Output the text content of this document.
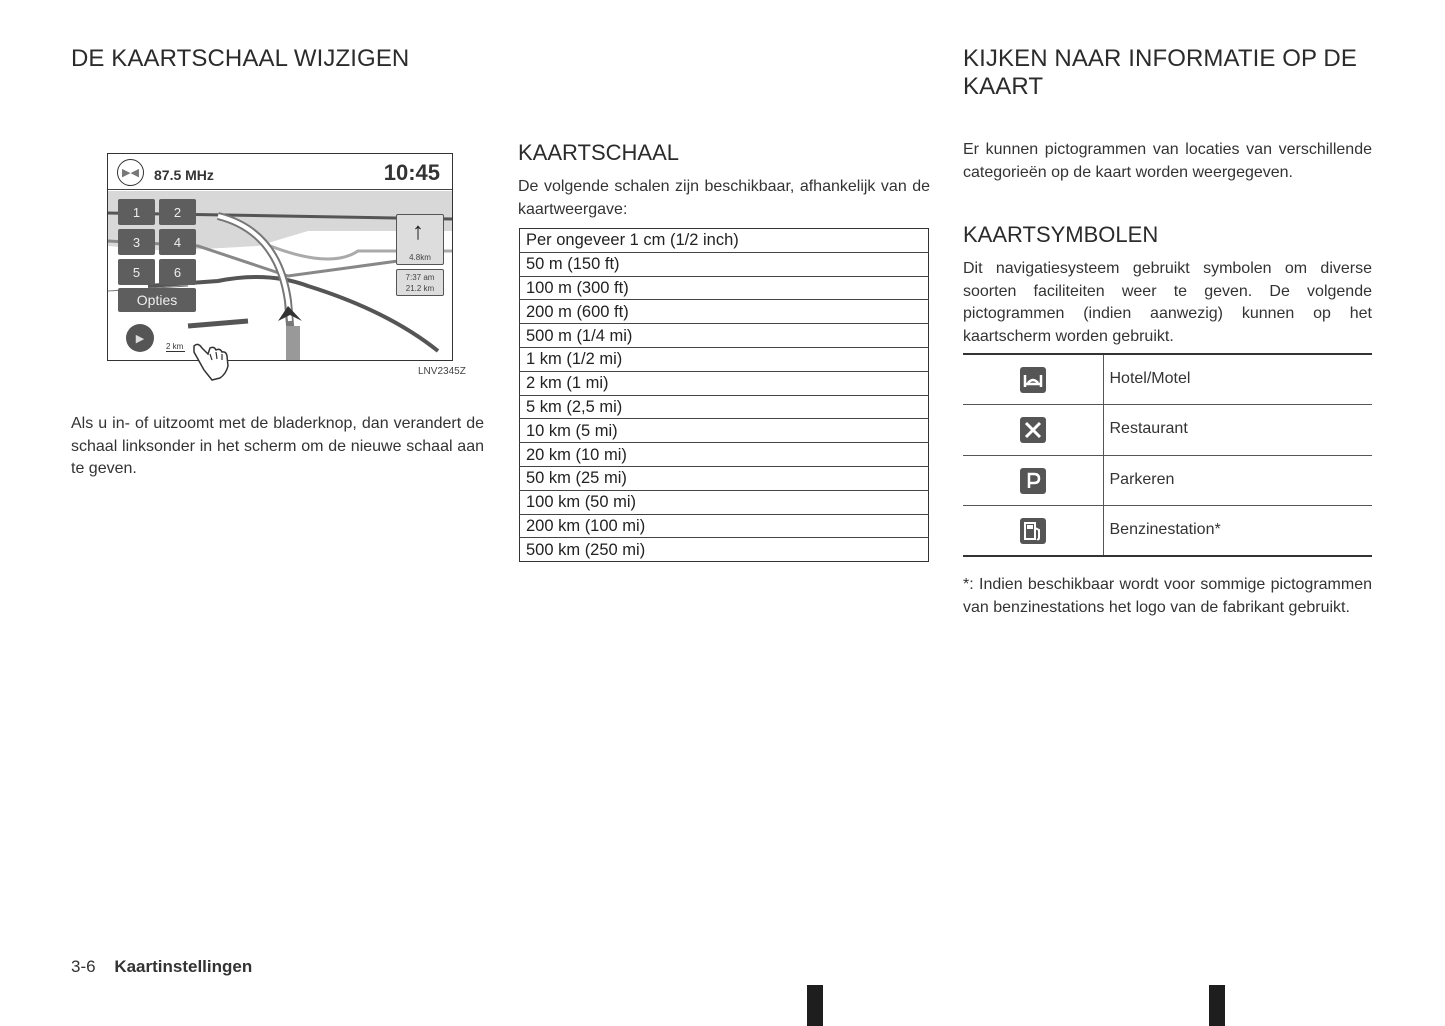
DE KAARTSCHAAL WIJZIGEN
▶◀	87.5 MHz	10:45
1	2
3	4
5	6
Opties
↑
4.8km
7:37 am
21.2 km
▶
2 km
LNV2345Z

Als u in- of uitzoomt met de bladerknop, dan verandert de schaal linksonder in het scherm om de nieuwe schaal aan te geven.

KAARTSCHAAL

De volgende schalen zijn beschikbaar, afhankelijk van de kaartweergave:

Per ongeveer 1 cm (1/2 inch)
50 m (150 ft)
100 m (300 ft)
200 m (600 ft)
500 m (1/4 mi)
1 km (1/2 mi)
2 km (1 mi)
5 km (2,5 mi)
10 km (5 mi)
20 km (10 mi)
50 km (25 mi)
100 km (50 mi)
200 km (100 mi)
500 km (250 mi)
KIJKEN NAAR INFORMATIE OP DE KAART

Er kunnen pictogrammen van locaties van verschillende categorieën op de kaart worden weergegeven.

KAARTSYMBOLEN

Dit navigatiesysteem gebruikt symbolen om diverse soorten faciliteiten weer te geven. De volgende pictogrammen (indien aanwezig) kunnen op het kaartscherm worden gebruikt.

	Hotel/Motel

	Restaurant

	Parkeren

	Benzinestation*

*: Indien beschikbaar wordt voor sommige pictogrammen van benzinestations het logo van de fabrikant gebruikt.

3-6 Kaartinstellingen
